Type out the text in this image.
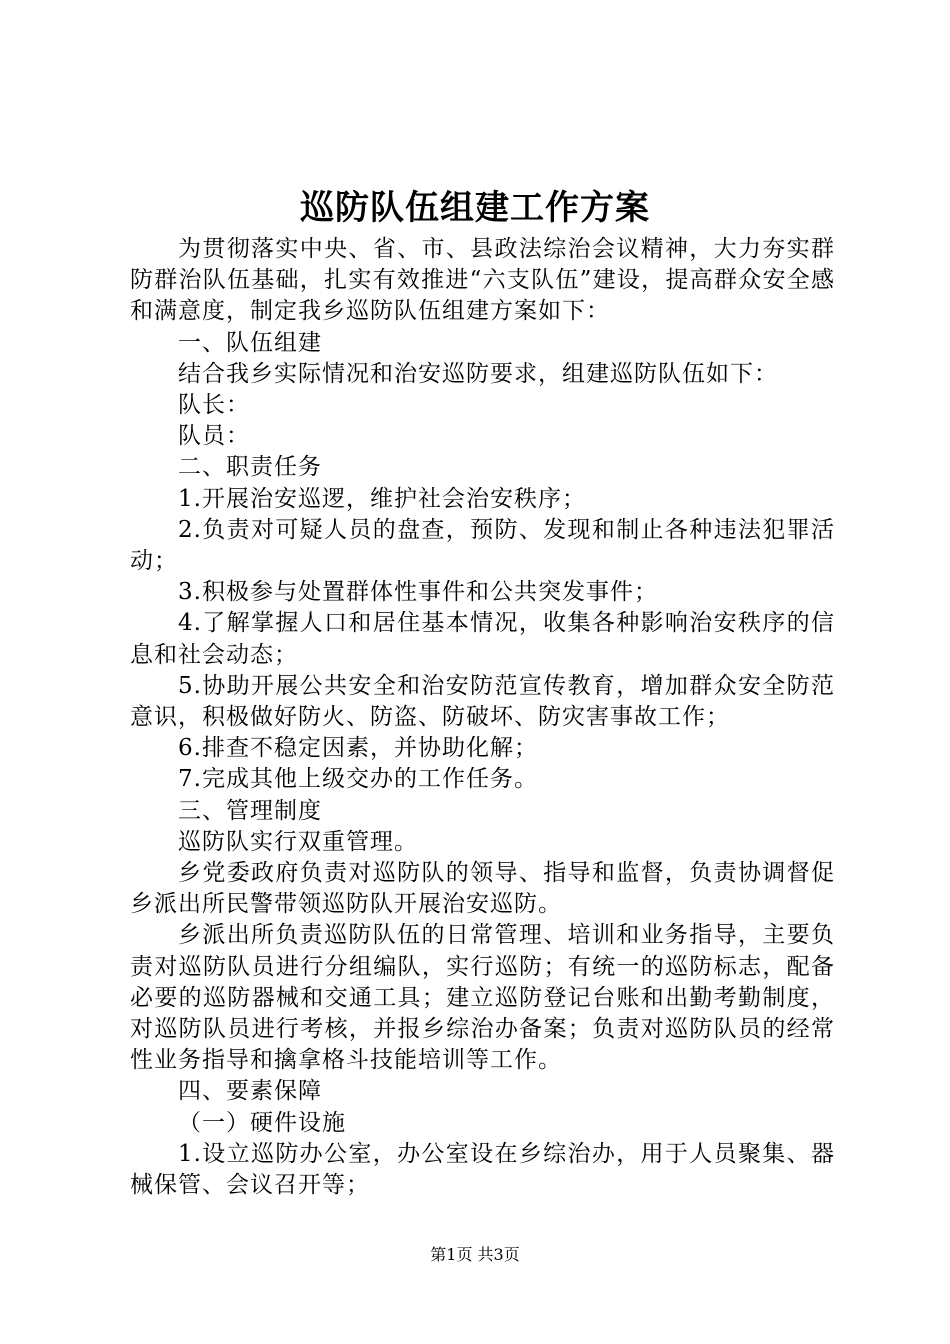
巡防队伍组建工作方案

为贯彻落实中央、省、市、县政法综治会议精神，大力夯实群防群治队伍基础，扎实有效推进“六支队伍”建设，提高群众安全感和满意度，制定我乡巡防队伍组建方案如下：

一、队伍组建

结合我乡实际情况和治安巡防要求，组建巡防队伍如下：

队长：

队员：

二、职责任务

1.开展治安巡逻，维护社会治安秩序；

2.负责对可疑人员的盘查，预防、发现和制止各种违法犯罪活动；

3.积极参与处置群体性事件和公共突发事件；

4.了解掌握人口和居住基本情况，收集各种影响治安秩序的信息和社会动态；

5.协助开展公共安全和治安防范宣传教育，增加群众安全防范意识，积极做好防火、防盗、防破坏、防灾害事故工作；

6.排查不稳定因素，并协助化解；

7.完成其他上级交办的工作任务。

三、管理制度

巡防队实行双重管理。

乡党委政府负责对巡防队的领导、指导和监督，负责协调督促乡派出所民警带领巡防队开展治安巡防。

乡派出所负责巡防队伍的日常管理、培训和业务指导，主要负责对巡防队员进行分组编队，实行巡防；有统一的巡防标志，配备必要的巡防器械和交通工具；建立巡防登记台账和出勤考勤制度，对巡防队员进行考核，并报乡综治办备案；负责对巡防队员的经常性业务指导和擒拿格斗技能培训等工作。

四、要素保障

（一）硬件设施

1.设立巡防办公室，办公室设在乡综治办，用于人员聚集、器械保管、会议召开等；

第1页 共3页
